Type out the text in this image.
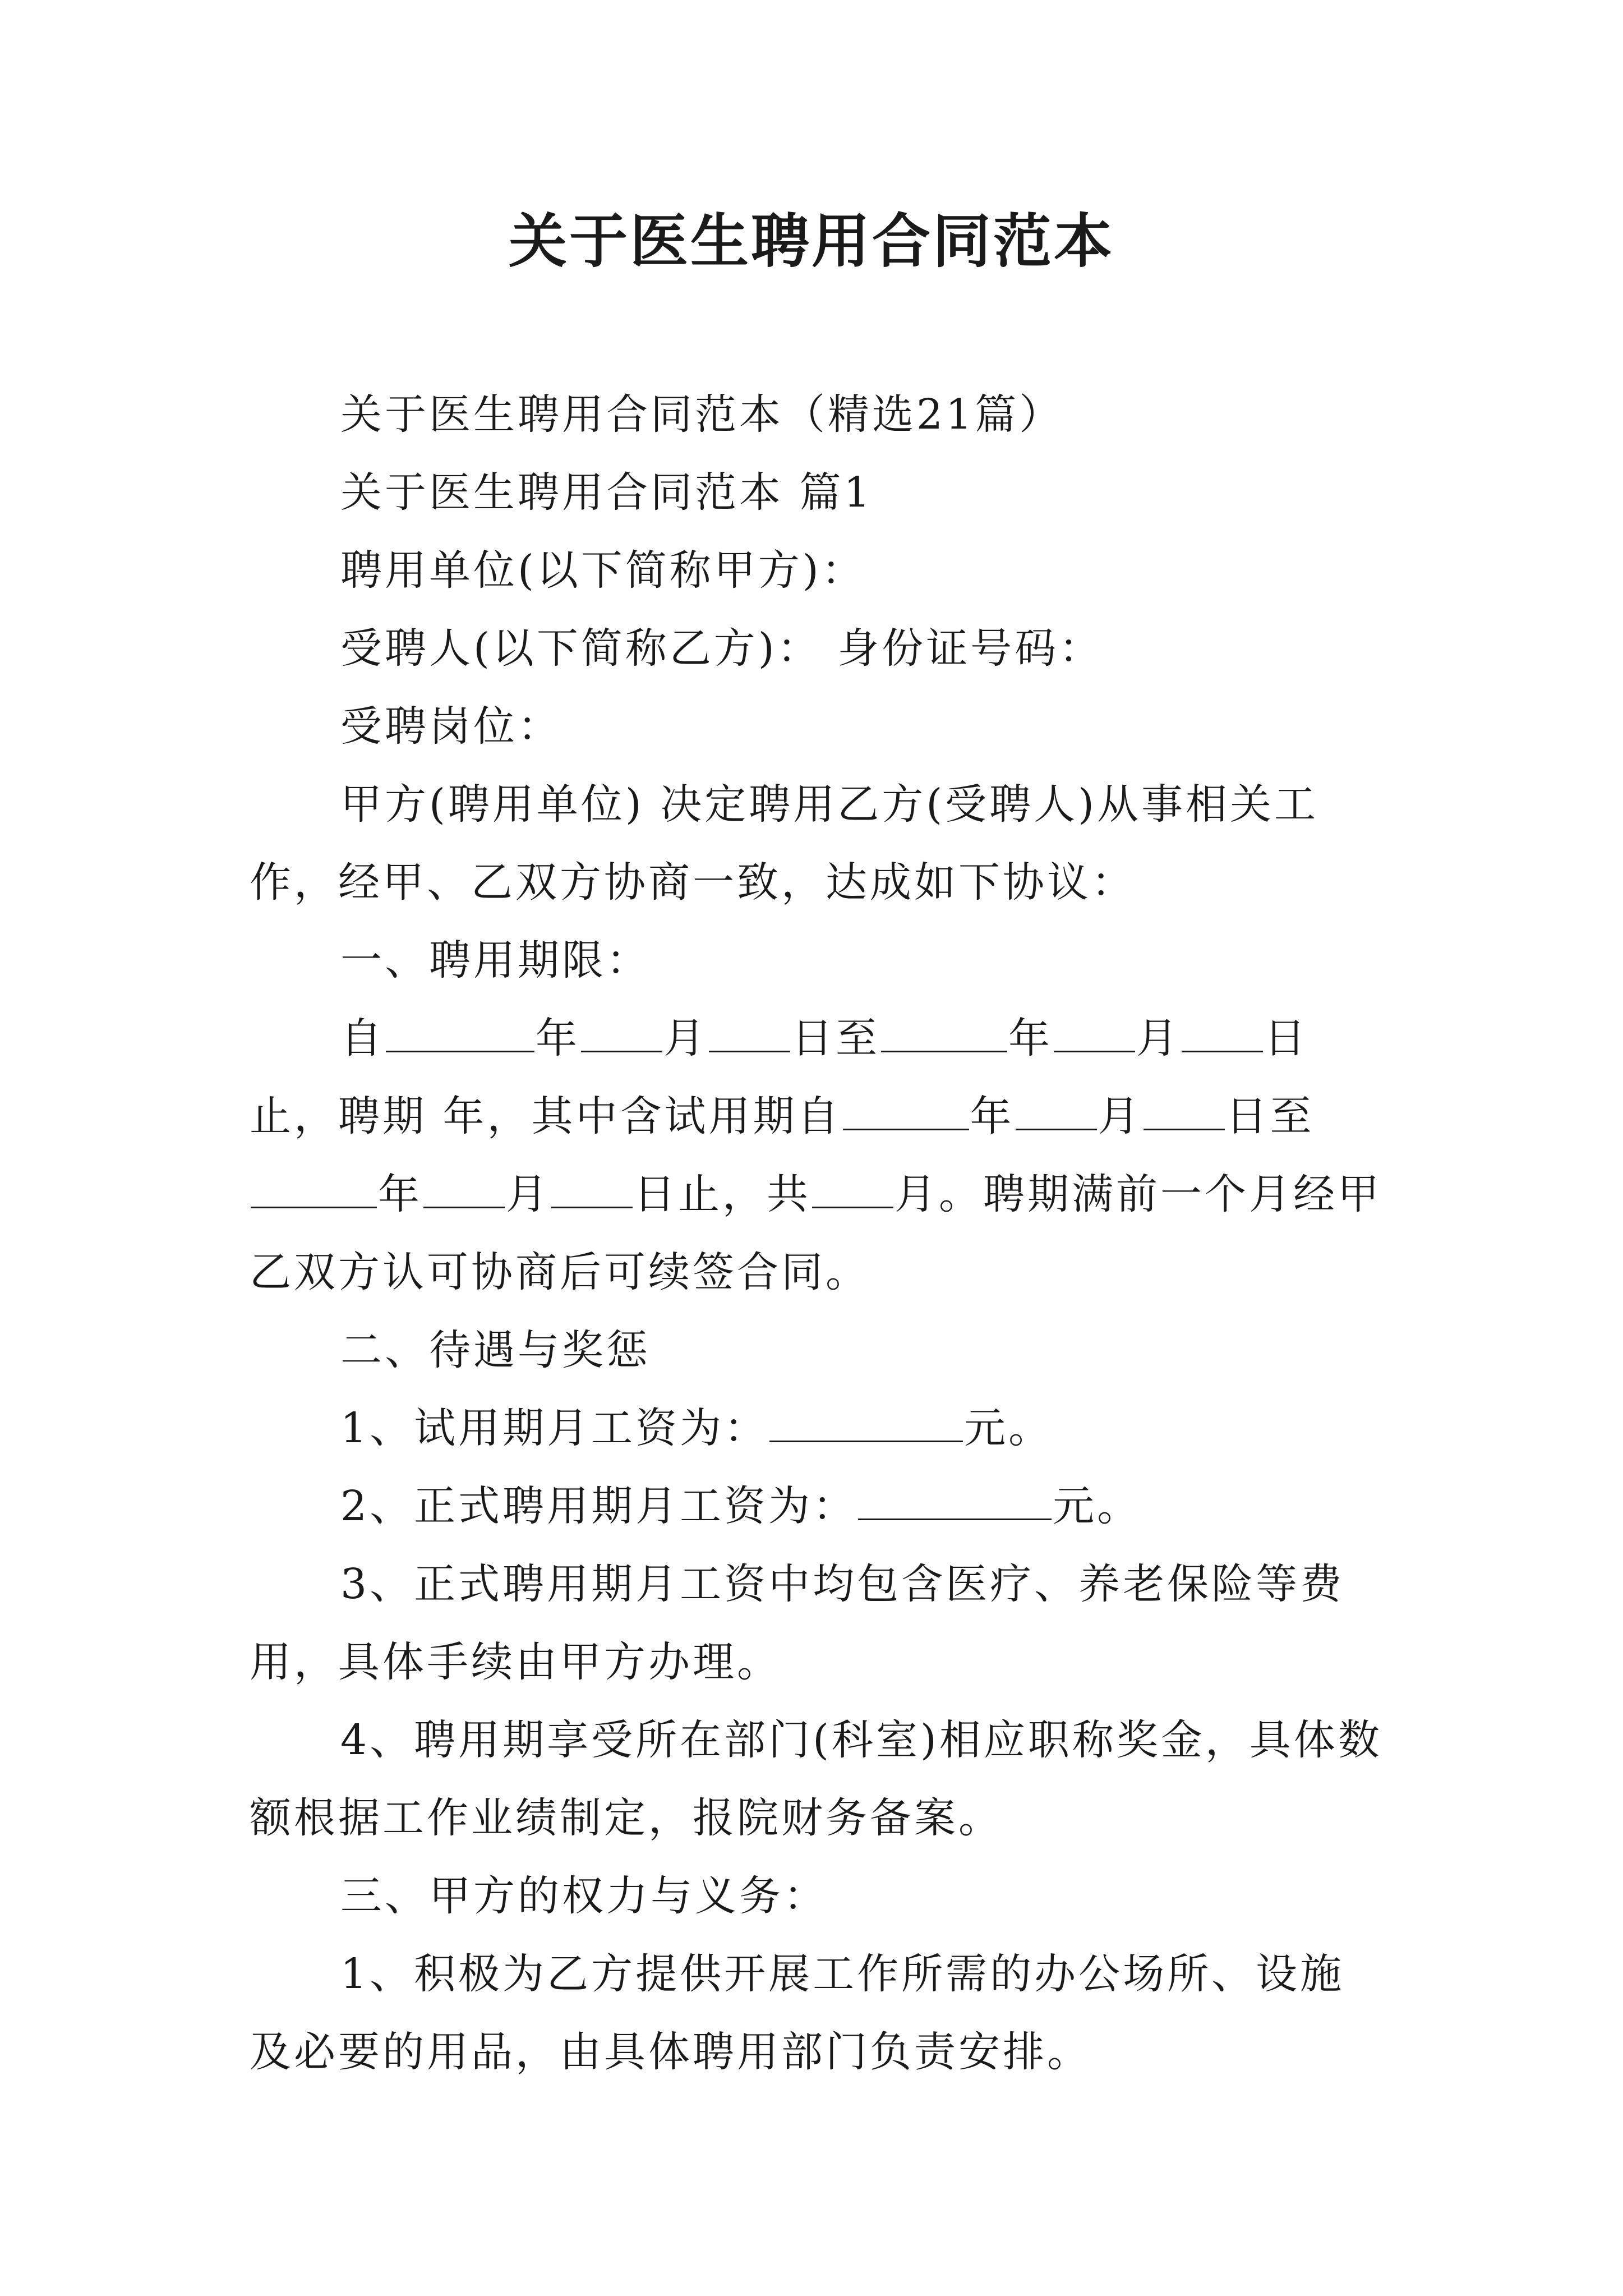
关于医生聘用合同范本

关于医生聘用合同范本（精选21篇）

关于医生聘用合同范本 篇1

聘用单位(以下简称甲方)：

受聘人(以下简称乙方)： 身份证号码：

受聘岗位：

甲方(聘用单位) 决定聘用乙方(受聘人)从事相关工作，经甲、乙双方协商一致，达成如下协议：

一、聘用期限：

自	年 月 日至	年 月 日止，聘期 年，其中含试用期自	年 月 日至年 月 日止，共 月。聘期满前一个月经甲乙双方认可协商后可续签合同。

二、待遇与奖惩

1、试用期月工资为：	元。

2、正式聘用期月工资为：	元。

3、正式聘用期月工资中均包含医疗、养老保险等费用，具体手续由甲方办理。

4、聘用期享受所在部门(科室)相应职称奖金，具体数额根据工作业绩制定，报院财务备案。

三、甲方的权力与义务：

1、积极为乙方提供开展工作所需的办公场所、设施及必要的用品，由具体聘用部门负责安排。
